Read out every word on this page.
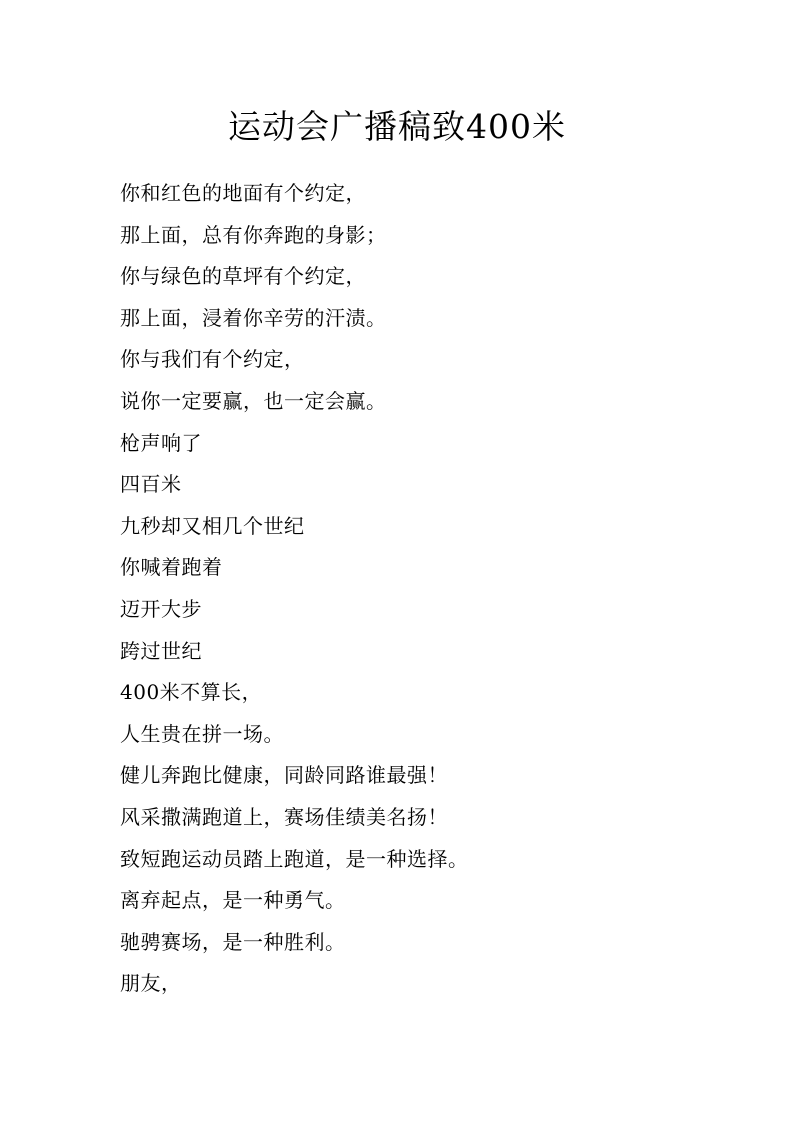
运动会广播稿致400米
你和红色的地面有个约定，
那上面，总有你奔跑的身影；
你与绿色的草坪有个约定，
那上面，浸着你辛劳的汗渍。
你与我们有个约定，
说你一定要赢，也一定会赢。
枪声响了
四百米
九秒却又相几个世纪
你喊着跑着
迈开大步
跨过世纪
400米不算长，
人生贵在拼一场。
健儿奔跑比健康，同龄同路谁最强！
风采撒满跑道上，赛场佳绩美名扬！
致短跑运动员踏上跑道，是一种选择。
离弃起点，是一种勇气。
驰骋赛场，是一种胜利。
朋友，
